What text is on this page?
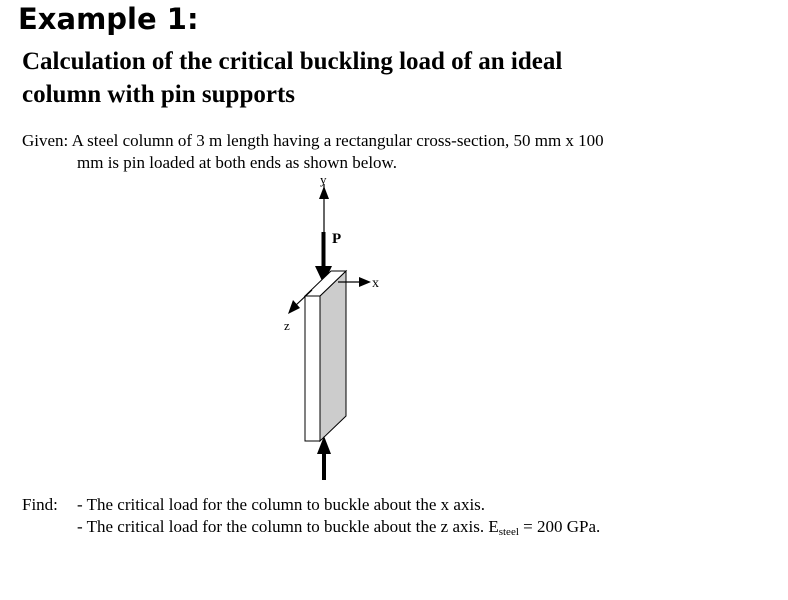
Example 1:
Calculation of the critical buckling load of an ideal
column with pin supports
Given: A steel column of 3 m length having a rectangular cross-section, 50 mm x 100
mm is pin loaded at both ends as shown below.
y
P
x
z
Find: - The critical load for the column to buckle about the x axis.
- The critical load for the column to buckle about the z axis. $E_{steel} = 200$ GPa.
